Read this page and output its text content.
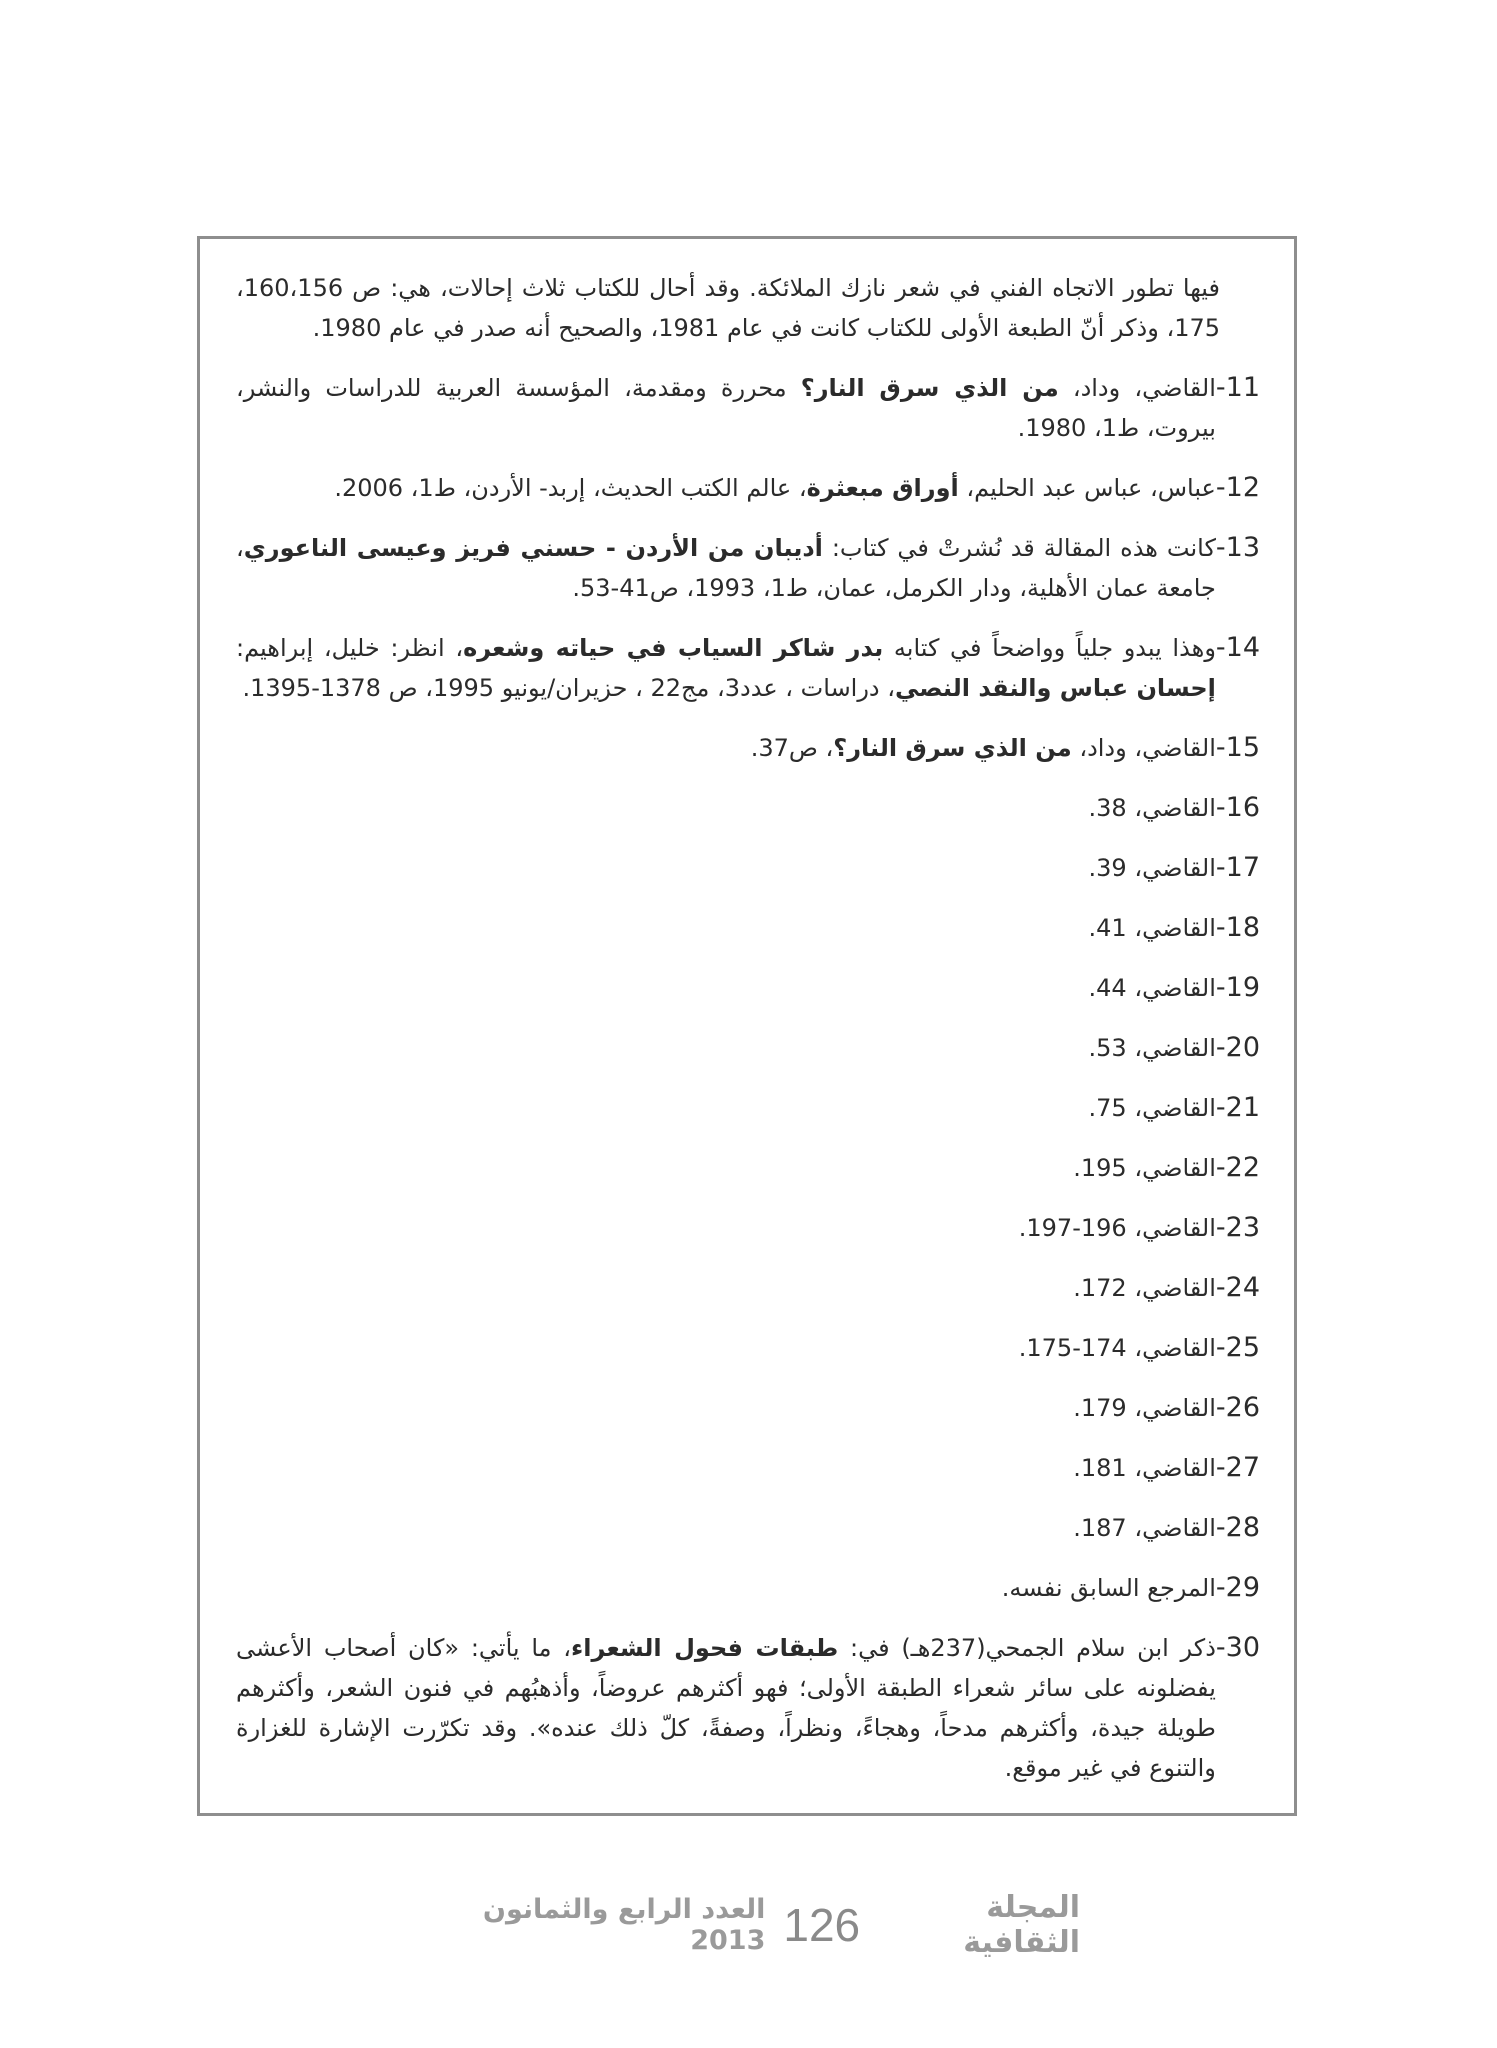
فيها تطور الاتجاه الفني في شعر نازك الملائكة. وقد أحال للكتاب ثلاث إحالات، هي: ص 160،156، 175، وذكر أنّ الطبعة الأولى للكتاب كانت في عام 1981، والصحيح أنه صدر في عام 1980.
11-
القاضي، وداد، من الذي سرق النار؟ محررة ومقدمة، المؤسسة العربية للدراسات والنشر، بيروت، ط1، 1980.
12-
عباس، عباس عبد الحليم، أوراق مبعثرة، عالم الكتب الحديث، إربد- الأردن، ط1، 2006.
13-
كانت هذه المقالة قد نُشرتْ في كتاب: أديبان من الأردن - حسني فريز وعيسى الناعوري، جامعة عمان الأهلية، ودار الكرمل، عمان، ط1، 1993، ص41-53.
14-
وهذا يبدو جلياً وواضحاً في كتابه بدر شاكر السياب في حياته وشعره، انظر: خليل، إبراهيم: إحسان عباس والنقد النصي، دراسات ، عدد3، مج22 ، حزيران/يونيو 1995، ص 1378-1395.
15-
القاضي، وداد، من الذي سرق النار؟، ص37.
16-
القاضي، 38.
17-
القاضي، 39.
18-
القاضي، 41.
19-
القاضي، 44.
20-
القاضي، 53.
21-
القاضي، 75.
22-
القاضي، 195.
23-
القاضي، 196-197.
24-
القاضي، 172.
25-
القاضي، 174-175.
26-
القاضي، 179.
27-
القاضي، 181.
28-
القاضي، 187.
29-
المرجع السابق نفسه.
30-
ذكر ابن سلام الجمحي(237هـ) في: طبقات فحول الشعراء، ما يأتي: «كان أصحاب الأعشى يفضلونه على سائر شعراء الطبقة الأولى؛ فهو أكثرهم عروضاً، وأذهبُهم في فنون الشعر، وأكثرهم طويلة جيدة، وأكثرهم مدحاً، وهجاءً، ونظراً، وصفةً، كلّ ذلك عنده». وقد تكرّرت الإشارة للغزارة والتنوع في غير موقع.
المجلة الثقافية
126
العدد الرابع والثمانون 2013
